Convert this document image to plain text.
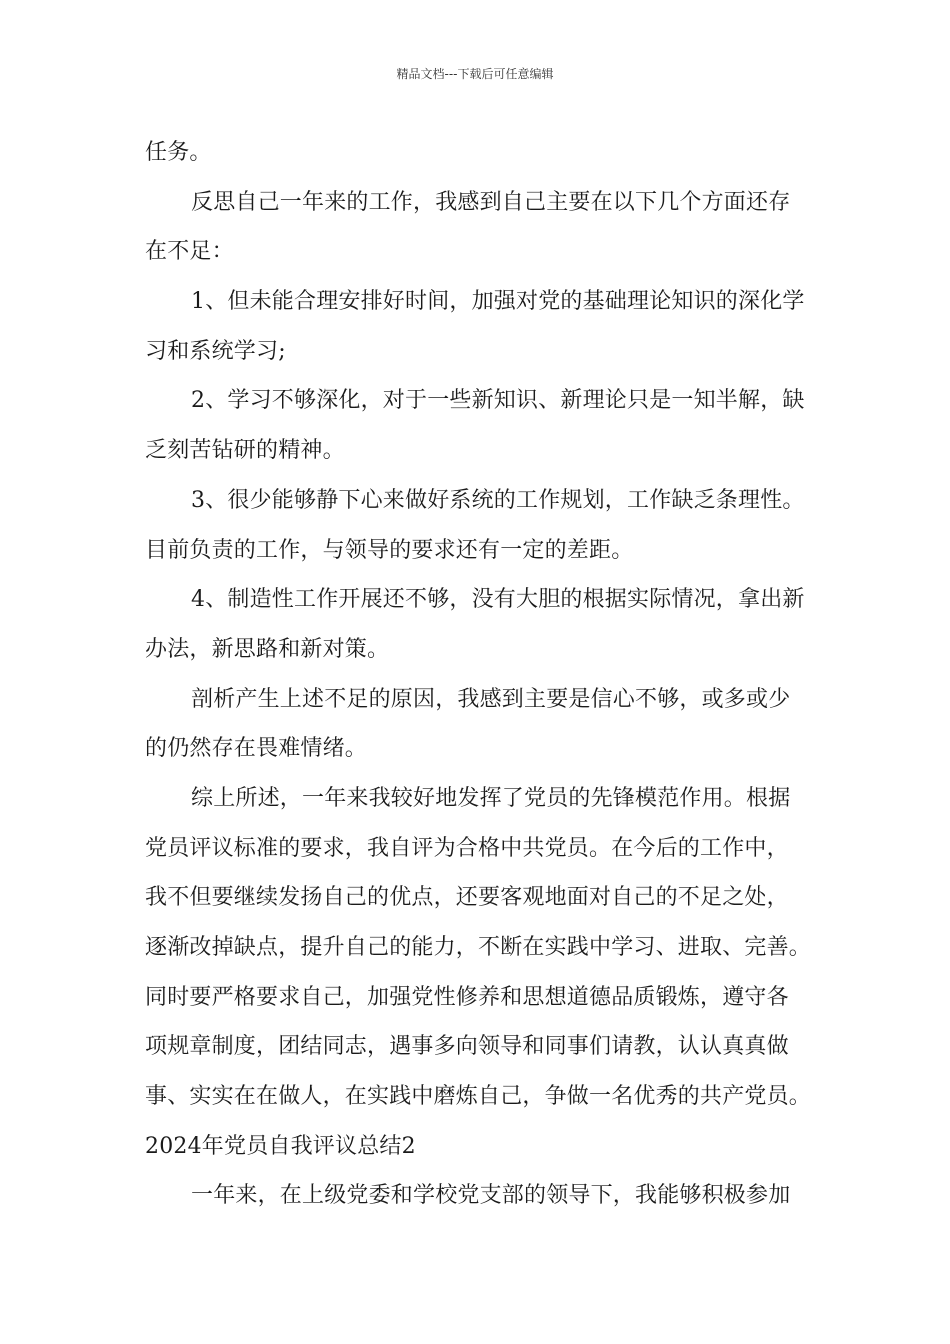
精品文档---下载后可任意编辑
任务。
反思自己一年来的工作，我感到自己主要在以下几个方面还存
在不足：
1、但未能合理安排好时间，加强对党的基础理论知识的深化学
习和系统学习;
2、学习不够深化，对于一些新知识、新理论只是一知半解，缺
乏刻苦钻研的精神。
3、很少能够静下心来做好系统的工作规划，工作缺乏条理性。
目前负责的工作，与领导的要求还有一定的差距。
4、制造性工作开展还不够，没有大胆的根据实际情况，拿出新
办法，新思路和新对策。
剖析产生上述不足的原因，我感到主要是信心不够，或多或少
的仍然存在畏难情绪。
综上所述，一年来我较好地发挥了党员的先锋模范作用。根据
党员评议标准的要求，我自评为合格中共党员。在今后的工作中，
我不但要继续发扬自己的优点，还要客观地面对自己的不足之处，
逐渐改掉缺点，提升自己的能力，不断在实践中学习、进取、完善。
同时要严格要求自己，加强党性修养和思想道德品质锻炼，遵守各
项规章制度，团结同志，遇事多向领导和同事们请教，认认真真做
事、实实在在做人，在实践中磨炼自己，争做一名优秀的共产党员。
2024年党员自我评议总结2
一年来，在上级党委和学校党支部的领导下，我能够积极参加
